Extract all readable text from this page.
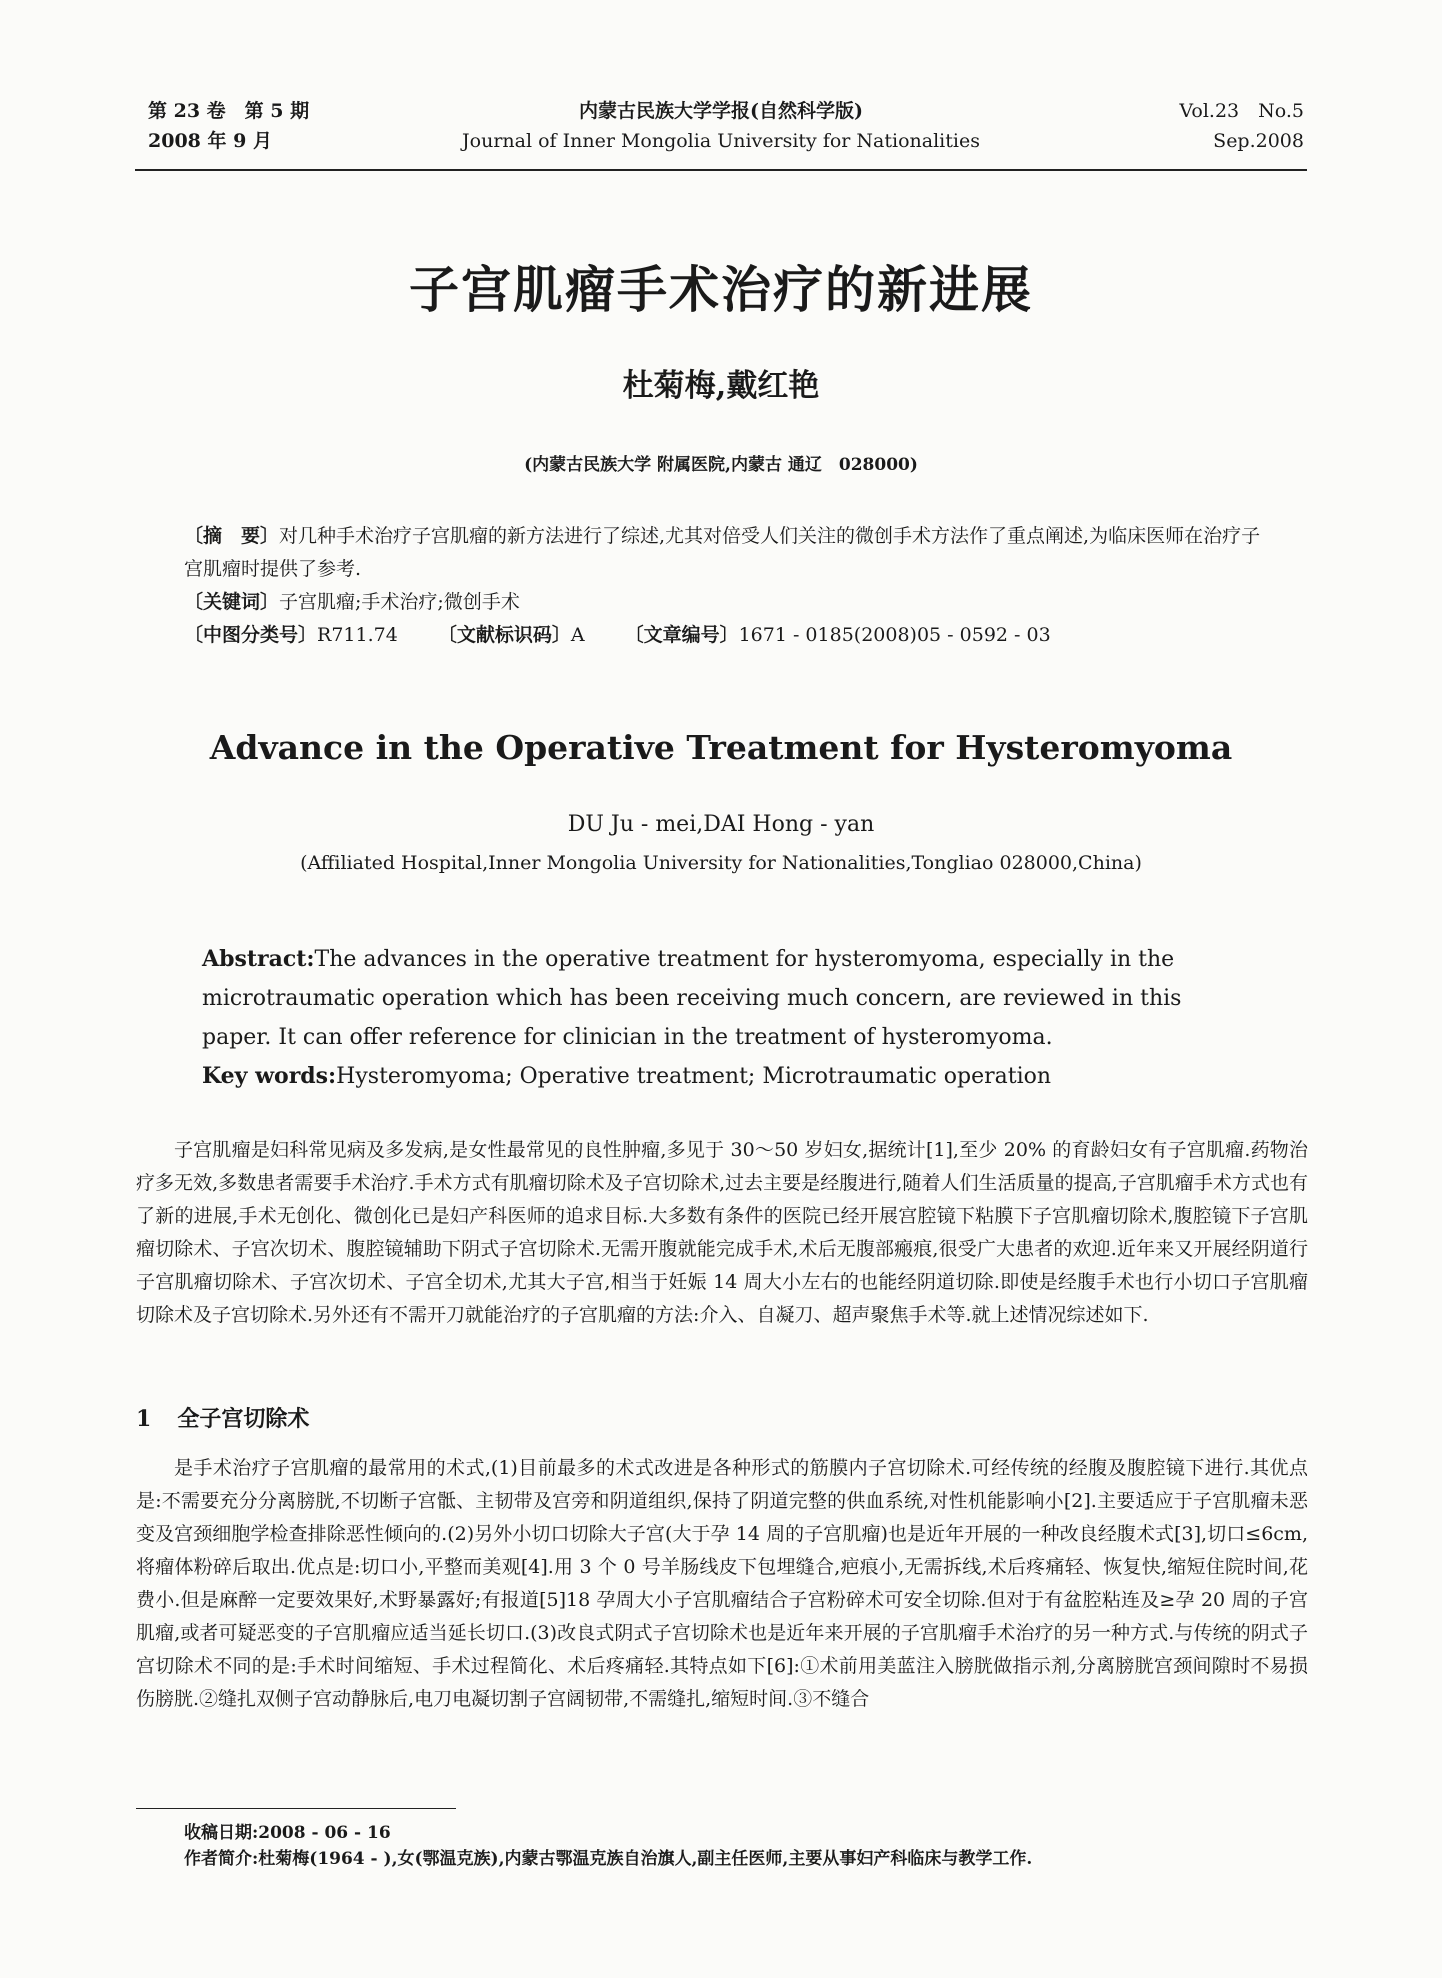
第 23 卷　第 5 期
2008 年 9 月
内蒙古民族大学学报(自然科学版)
Journal of Inner Mongolia University for Nationalities
Vol.23　No.5
Sep.2008
子宫肌瘤手术治疗的新进展
杜菊梅,戴红艳
(内蒙古民族大学 附属医院,内蒙古 通辽　028000)
〔摘　要〕对几种手术治疗子宫肌瘤的新方法进行了综述,尤其对倍受人们关注的微创手术方法作了重点阐述,为临床医师在治疗子宫肌瘤时提供了参考.
〔关键词〕子宫肌瘤;手术治疗;微创手术
〔中图分类号〕R711.74 〔文献标识码〕A 〔文章编号〕1671 - 0185(2008)05 - 0592 - 03
Advance in the Operative Treatment for Hysteromyoma
DU Ju - mei,DAI Hong - yan
(Affiliated Hospital,Inner Mongolia University for Nationalities,Tongliao 028000,China)
Abstract:The advances in the operative treatment for hysteromyoma, especially in the microtraumatic operation which has been receiving much concern, are reviewed in this paper. It can offer reference for clinician in the treatment of hysteromyoma.
Key words:Hysteromyoma; Operative treatment; Microtraumatic operation

子宫肌瘤是妇科常见病及多发病,是女性最常见的良性肿瘤,多见于 30～50 岁妇女,据统计[1],至少 20% 的育龄妇女有子宫肌瘤.药物治疗多无效,多数患者需要手术治疗.手术方式有肌瘤切除术及子宫切除术,过去主要是经腹进行,随着人们生活质量的提高,子宫肌瘤手术方式也有了新的进展,手术无创化、微创化已是妇产科医师的追求目标.大多数有条件的医院已经开展宫腔镜下粘膜下子宫肌瘤切除术,腹腔镜下子宫肌瘤切除术、子宫次切术、腹腔镜辅助下阴式子宫切除术.无需开腹就能完成手术,术后无腹部瘢痕,很受广大患者的欢迎.近年来又开展经阴道行子宫肌瘤切除术、子宫次切术、子宫全切术,尤其大子宫,相当于妊娠 14 周大小左右的也能经阴道切除.即使是经腹手术也行小切口子宫肌瘤切除术及子宫切除术.另外还有不需开刀就能治疗的子宫肌瘤的方法:介入、自凝刀、超声聚焦手术等.就上述情况综述如下.

1 全子宫切除术

是手术治疗子宫肌瘤的最常用的术式,(1)目前最多的术式改进是各种形式的筋膜内子宫切除术.可经传统的经腹及腹腔镜下进行.其优点是:不需要充分分离膀胱,不切断子宫骶、主韧带及宫旁和阴道组织,保持了阴道完整的供血系统,对性机能影响小[2].主要适应于子宫肌瘤未恶变及宫颈细胞学检查排除恶性倾向的.(2)另外小切口切除大子宫(大于孕 14 周的子宫肌瘤)也是近年开展的一种改良经腹术式[3],切口≤6cm,将瘤体粉碎后取出.优点是:切口小,平整而美观[4].用 3 个 0 号羊肠线皮下包埋缝合,疤痕小,无需拆线,术后疼痛轻、恢复快,缩短住院时间,花费小.但是麻醉一定要效果好,术野暴露好;有报道[5]18 孕周大小子宫肌瘤结合子宫粉碎术可安全切除.但对于有盆腔粘连及≥孕 20 周的子宫肌瘤,或者可疑恶变的子宫肌瘤应适当延长切口.(3)改良式阴式子宫切除术也是近年来开展的子宫肌瘤手术治疗的另一种方式.与传统的阴式子宫切除术不同的是:手术时间缩短、手术过程简化、术后疼痛轻.其特点如下[6]:①术前用美蓝注入膀胱做指示剂,分离膀胱宫颈间隙时不易损伤膀胱.②缝扎双侧子宫动静脉后,电刀电凝切割子宫阔韧带,不需缝扎,缩短时间.③不缝合

收稿日期:2008 - 06 - 16
作者简介:杜菊梅(1964 - ),女(鄂温克族),内蒙古鄂温克族自治旗人,副主任医师,主要从事妇产科临床与教学工作.
